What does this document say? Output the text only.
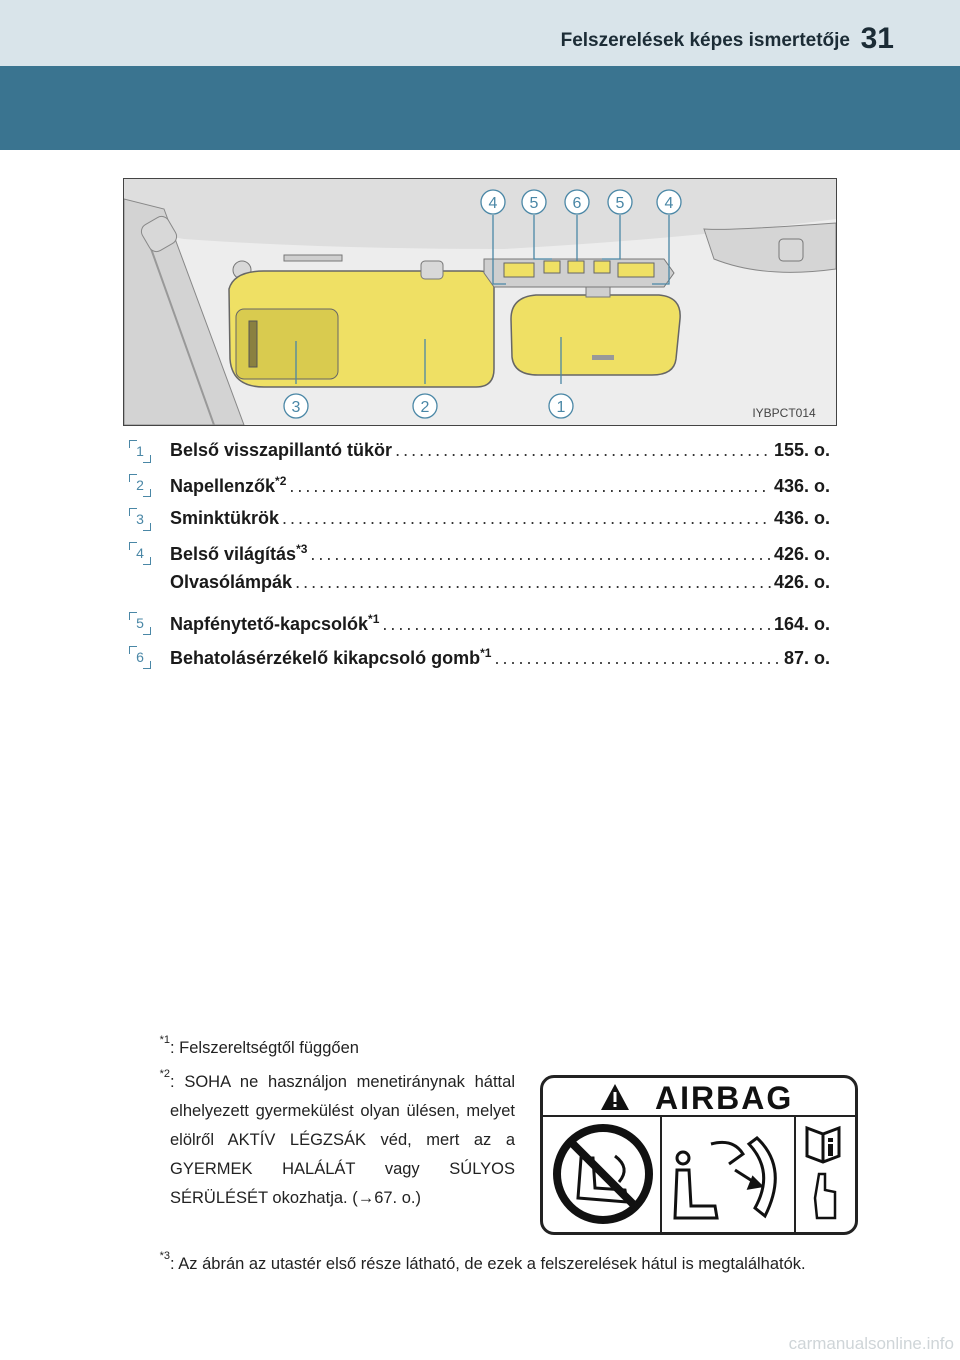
Felszerelések képes ismertetője 31
4 5 6 5	4
3	2	1	IYBPCT014
1	Belső visszapillantó tükör .....	155. o.
2	Napellenzők$^{*2}$ .....	436. o.
3	Sminktükrök .....	436. o.
4	Belső világítás$^{*3}$ .....	426. o.
Olvasólámpák .....	426. o.
5	Napfénytető-kapcsolók$^{*1}$ .....	164. o.
6	Behatolásérzékelő kikapcsoló gomb$^{*1}$ .....	87. o.
$^{*1}$ : Felszereltségtől függően
$^{*2}$ : SOHA ne használjon menetiránynak háttal elhelyezett gyermekülést olyan ülésen, melyet elölről AKTÍV LÉGZSÁK véd, mert az a GYERMEK HALÁLÁT vagy SÚLYOS SÉRÜLÉSÉT okozhatja. (→67. o.)
$^{*3}$ : Az ábrán az utastér első része látható, de ezek a felszerelések hátul is megtalálhatók.
AIRBAG
carmanualsonline.info
